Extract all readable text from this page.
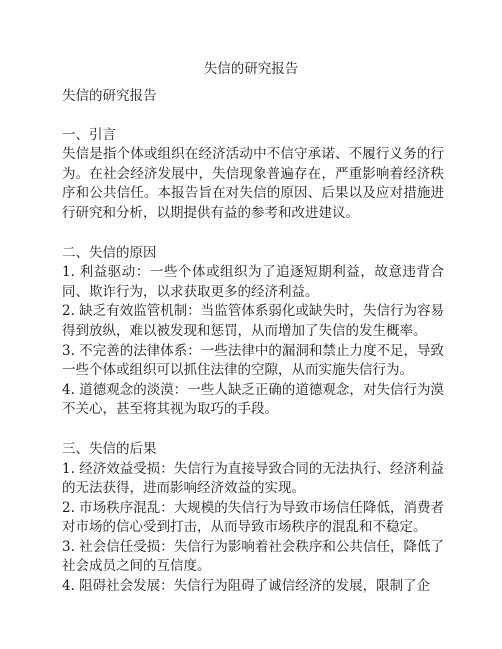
失信的研究报告

失信的研究报告

一、引言

失信是指个体或组织在经济活动中不信守承诺、不履行义务的行为。在社会经济发展中，失信现象普遍存在，严重影响着经济秩序和公共信任。本报告旨在对失信的原因、后果以及应对措施进行研究和分析，以期提供有益的参考和改进建议。

二、失信的原因

1. 利益驱动：一些个体或组织为了追逐短期利益，故意违背合同、欺诈行为，以求获取更多的经济利益。

2. 缺乏有效监管机制：当监管体系弱化或缺失时，失信行为容易得到放纵，难以被发现和惩罚，从而增加了失信的发生概率。

3. 不完善的法律体系：一些法律中的漏洞和禁止力度不足，导致一些个体或组织可以抓住法律的空隙，从而实施失信行为。

4. 道德观念的淡漠：一些人缺乏正确的道德观念，对失信行为漠不关心，甚至将其视为取巧的手段。

三、失信的后果

1. 经济效益受损：失信行为直接导致合同的无法执行、经济利益的无法获得，进而影响经济效益的实现。

2. 市场秩序混乱：大规模的失信行为导致市场信任降低，消费者对市场的信心受到打击，从而导致市场秩序的混乱和不稳定。

3. 社会信任受损：失信行为影响着社会秩序和公共信任，降低了社会成员之间的互信度。

4. 阻碍社会发展：失信行为阻碍了诚信经济的发展，限制了企
